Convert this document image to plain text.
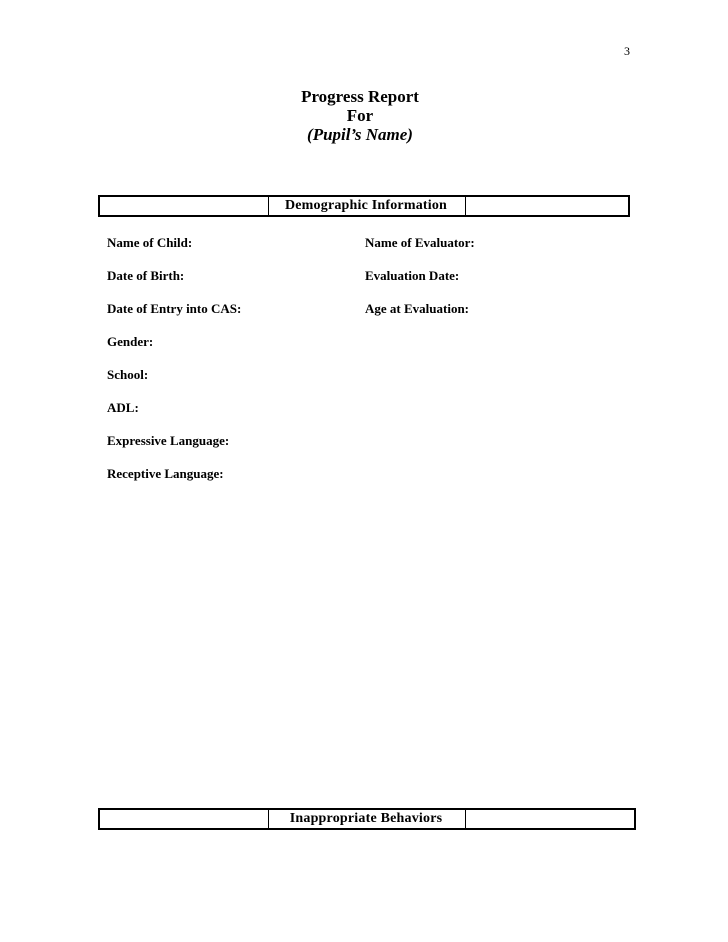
3
Progress Report
For
(Pupil’s Name)
Demographic Information
Name of Child:
Date of Birth:
Date of Entry into CAS:
Gender:
School:
ADL:
Expressive Language:
Receptive Language:
Name of Evaluator:
Evaluation Date:
Age at Evaluation:
Inappropriate Behaviors
